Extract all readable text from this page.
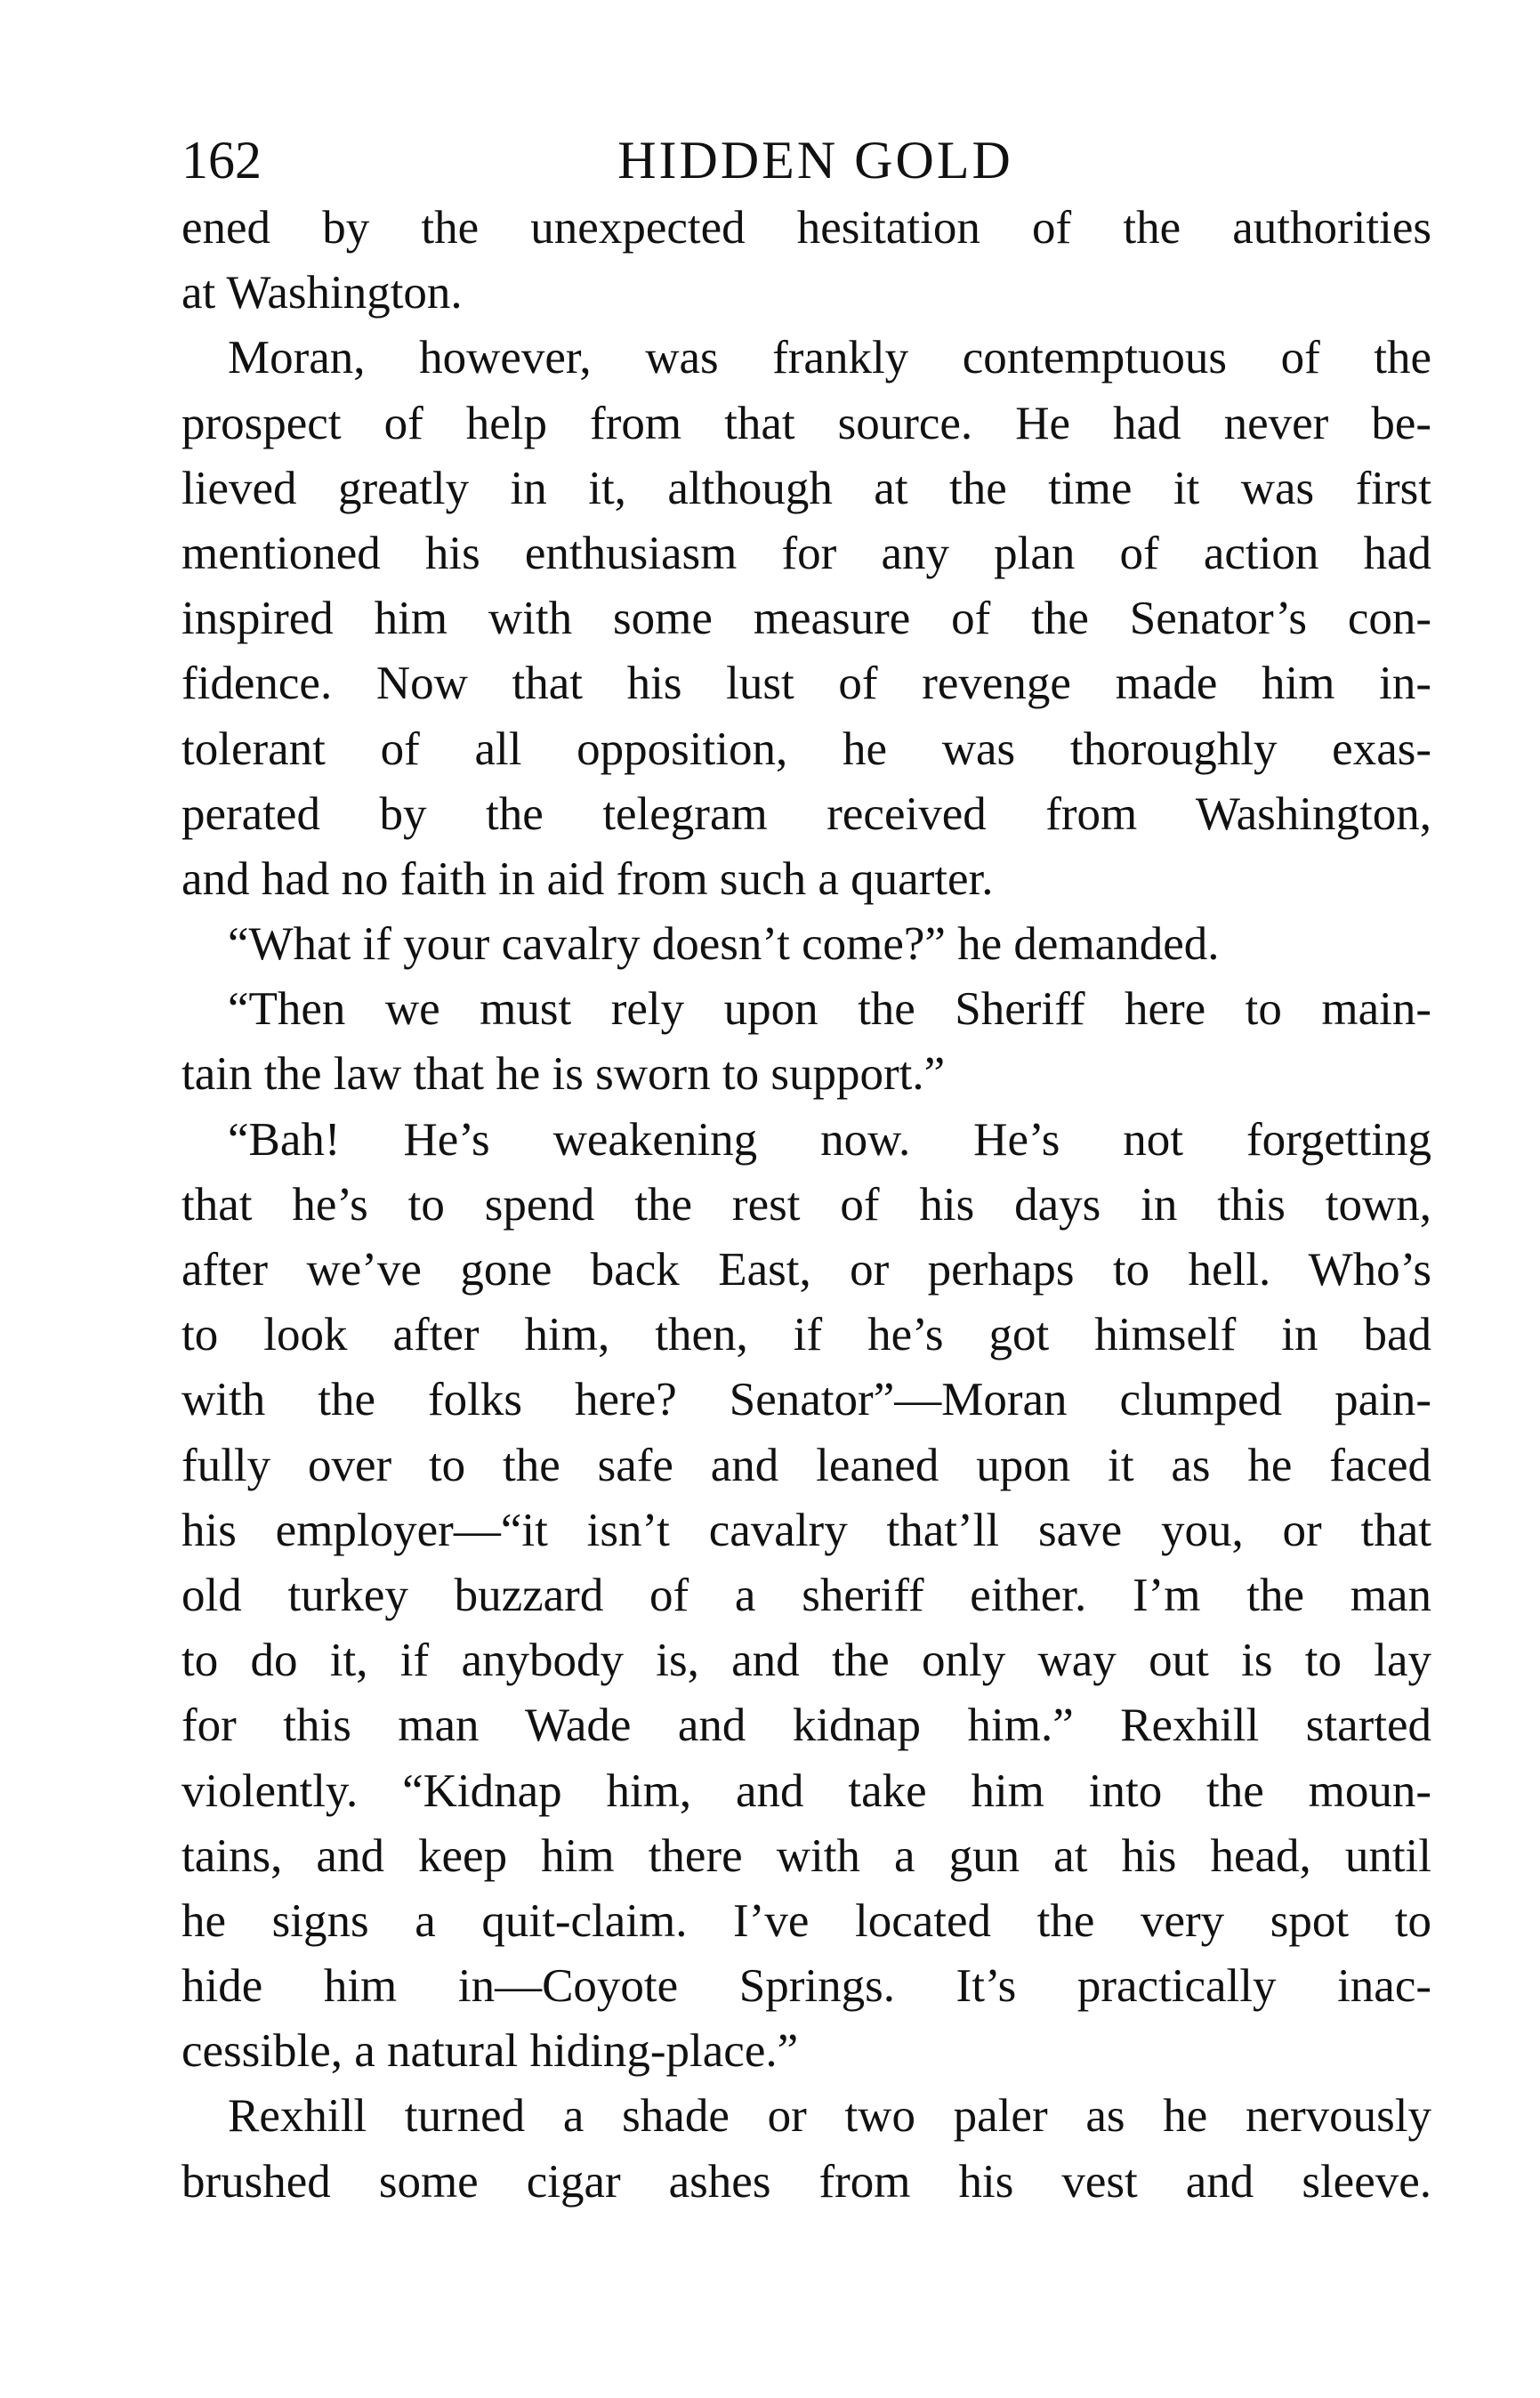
162	HIDDEN GOLD
ened by the unexpected hesitation of the authorities
at Washington.
Moran, however, was frankly contemptuous of the
prospect of help from that source. He had never be-
lieved greatly in it, although at the time it was first
mentioned his enthusiasm for any plan of action had
inspired him with some measure of the Senator’s con-
fidence. Now that his lust of revenge made him in-
tolerant of all opposition, he was thoroughly exas-
perated by the telegram received from Washington,
and had no faith in aid from such a quarter.
“What if your cavalry doesn’t come?” he demanded.
“Then we must rely upon the Sheriff here to main-
tain the law that he is sworn to support.”
“Bah! He’s weakening now. He’s not forgetting
that he’s to spend the rest of his days in this town,
after we’ve gone back East, or perhaps to hell. Who’s
to look after him, then, if he’s got himself in bad
with the folks here? Senator”—Moran clumped pain-
fully over to the safe and leaned upon it as he faced
his employer—“it isn’t cavalry that’ll save you, or that
old turkey buzzard of a sheriff either. I’m the man
to do it, if anybody is, and the only way out is to lay
for this man Wade and kidnap him.” Rexhill started
violently. “Kidnap him, and take him into the moun-
tains, and keep him there with a gun at his head, until
he signs a quit-claim. I’ve located the very spot to
hide him in—Coyote Springs. It’s practically inac-
cessible, a natural hiding-place.”
Rexhill turned a shade or two paler as he nervously
brushed some cigar ashes from his vest and sleeve.
